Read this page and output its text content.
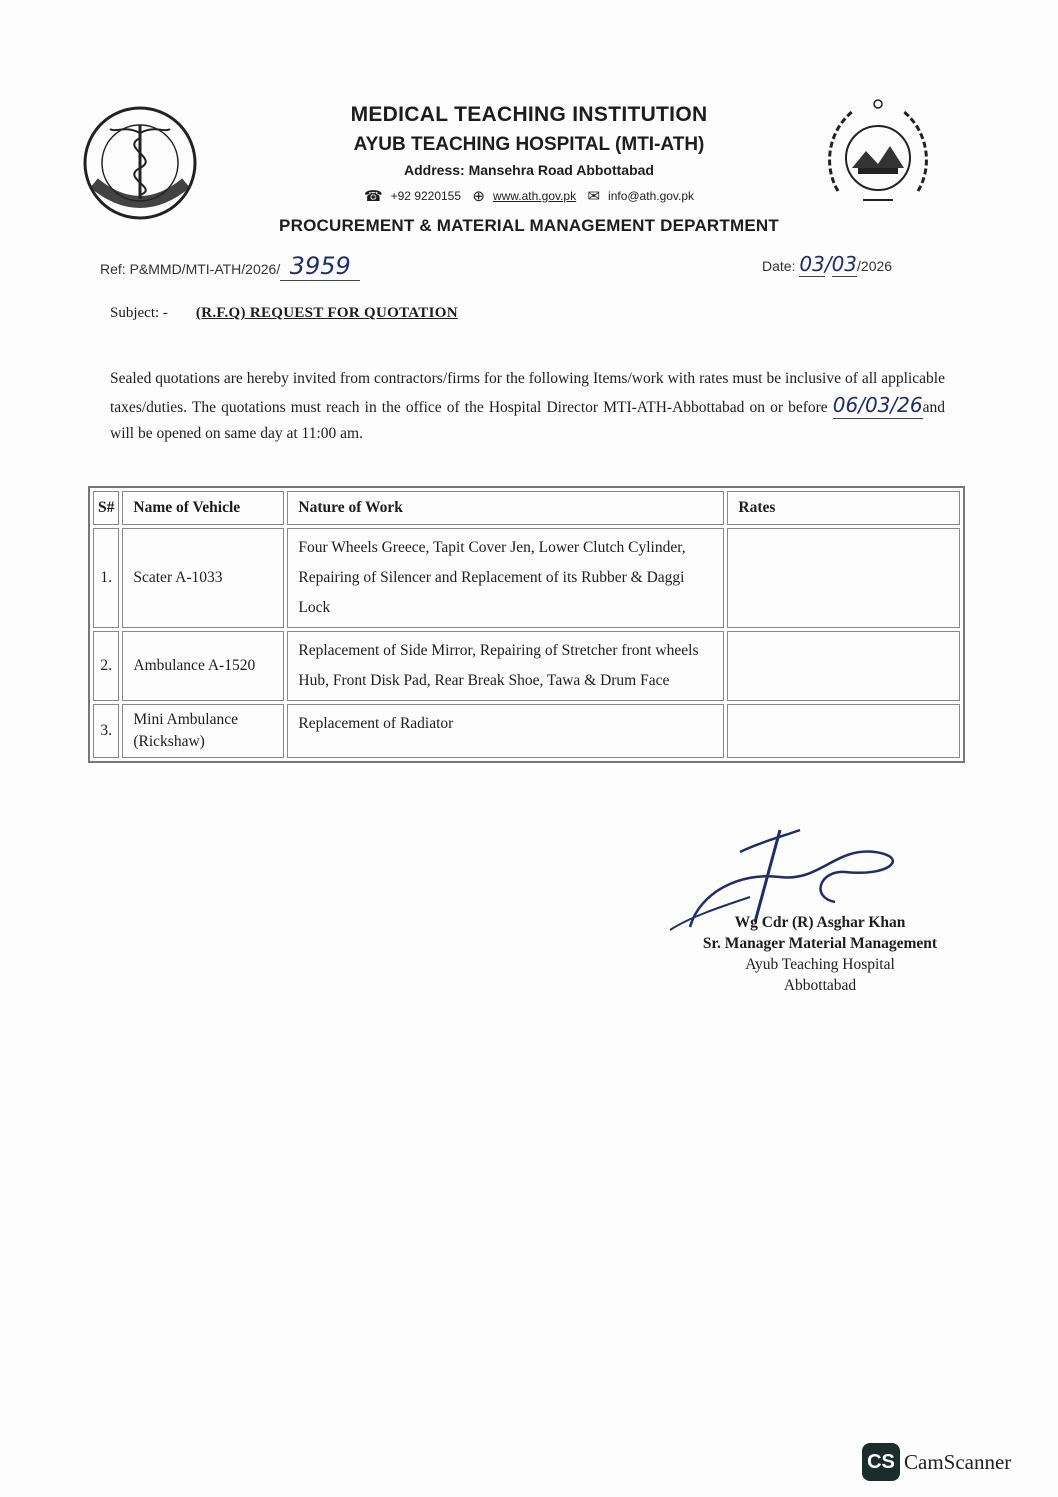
MEDICAL TEACHING INSTITUTION
AYUB TEACHING HOSPITAL (MTI-ATH)
Address: Mansehra Road Abbottabad
☎ +92 9220155 ⊕ www.ath.gov.pk ✉ info@ath.gov.pk
PROCUREMENT & MATERIAL MANAGEMENT DEPARTMENT
Ref: P&MMD/MTI-ATH/2026/ 3959	Date: 03/03/2026
Subject: - (R.F.Q) REQUEST FOR QUOTATION
Sealed quotations are hereby invited from contractors/firms for the following Items/work with rates must be inclusive of all applicable taxes/duties. The quotations must reach in the office of the Hospital Director MTI-ATH-Abbottabad on or before 06/03/26and will be opened on same day at 11:00 am.
S#	Name of Vehicle	Nature of Work	Rates
1.	Scater A-1033	Four Wheels Greece, Tapit Cover Jen, Lower Clutch Cylinder, Repairing of Silencer and Replacement of its Rubber & Daggi Lock	
2.	Ambulance A-1520	Replacement of Side Mirror, Repairing of Stretcher front wheels Hub, Front Disk Pad, Rear Break Shoe, Tawa & Drum Face	
3.	Mini Ambulance (Rickshaw)	Replacement of Radiator	
Wg Cdr (R) Asghar Khan
Sr. Manager Material Management
Ayub Teaching Hospital
Abbottabad
CS CamScanner
